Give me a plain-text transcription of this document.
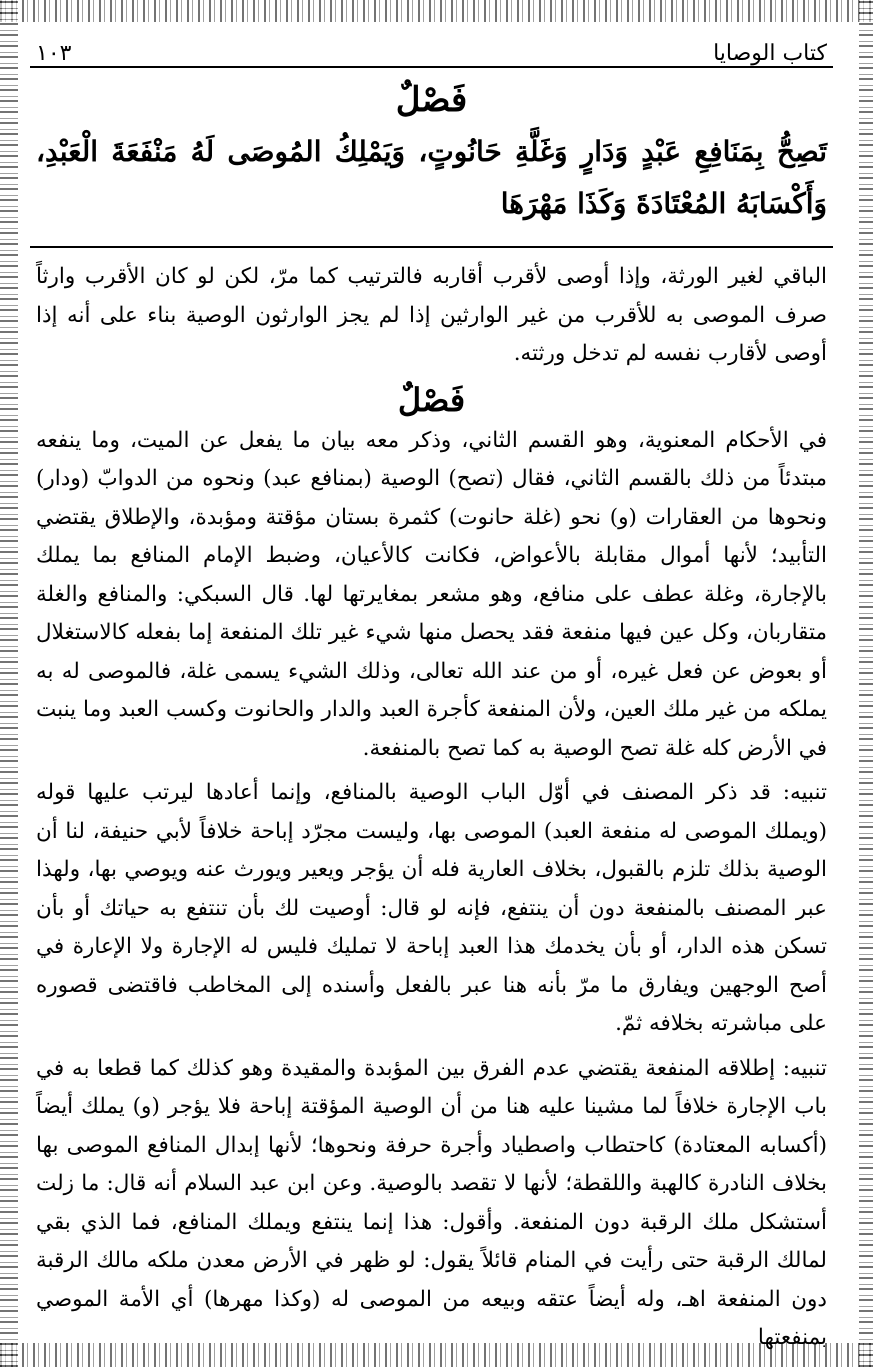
كتاب الوصايا
١٠٣
فَصْلٌ
تَصِحُّ بِمَنَافِعِ عَبْدٍ وَدَارٍ وَغَلَّةِ حَانُوتٍ، وَيَمْلِكُ المُوصَى لَهُ مَنْفَعَةَ الْعَبْدِ، وَأَكْسَابَهُ المُعْتَادَةَ وَكَذَا مَهْرَهَا

الباقي لغير الورثة، وإذا أوصى لأقرب أقاربه فالترتيب كما مرّ، لكن لو كان الأقرب وارثاً صرف الموصى به للأقرب من غير الوارثين إذا لم يجز الوارثون الوصية بناء على أنه إذا أوصى لأقارب نفسه لم تدخل ورثته.

فَصْلٌ

في الأحكام المعنوية، وهو القسم الثاني، وذكر معه بيان ما يفعل عن الميت، وما ينفعه مبتدئاً من ذلك بالقسم الثاني، فقال (تصح) الوصية (بمنافع عبد) ونحوه من الدوابّ (ودار) ونحوها من العقارات (و) نحو (غلة حانوت) كثمرة بستان مؤقتة ومؤبدة، والإطلاق يقتضي التأبيد؛ لأنها أموال مقابلة بالأعواض، فكانت كالأعيان، وضبط الإمام المنافع بما يملك بالإجارة، وغلة عطف على منافع، وهو مشعر بمغايرتها لها. قال السبكي: والمنافع والغلة متقاربان، وكل عين فيها منفعة فقد يحصل منها شيء غير تلك المنفعة إما بفعله كالاستغلال أو بعوض عن فعل غيره، أو من عند الله تعالى، وذلك الشيء يسمى غلة، فالموصى له به يملكه من غير ملك العين، ولأن المنفعة كأجرة العبد والدار والحانوت وكسب العبد وما ينبت في الأرض كله غلة تصح الوصية به كما تصح بالمنفعة.

تنبيه: قد ذكر المصنف في أوّل الباب الوصية بالمنافع، وإنما أعادها ليرتب عليها قوله (ويملك الموصى له منفعة العبد) الموصى بها، وليست مجرّد إباحة خلافاً لأبي حنيفة، لنا أن الوصية بذلك تلزم بالقبول، بخلاف العارية فله أن يؤجر ويعير ويورث عنه ويوصي بها، ولهذا عبر المصنف بالمنفعة دون أن ينتفع، فإنه لو قال: أوصيت لك بأن تنتفع به حياتك أو بأن تسكن هذه الدار، أو بأن يخدمك هذا العبد إباحة لا تمليك فليس له الإجارة ولا الإعارة في أصح الوجهين ويفارق ما مرّ بأنه هنا عبر بالفعل وأسنده إلى المخاطب فاقتضى قصوره على مباشرته بخلافه ثمّ.

تنبيه: إطلاقه المنفعة يقتضي عدم الفرق بين المؤبدة والمقيدة وهو كذلك كما قطعا به في باب الإجارة خلافاً لما مشينا عليه هنا من أن الوصية المؤقتة إباحة فلا يؤجر (و) يملك أيضاً (أكسابه المعتادة) كاحتطاب واصطياد وأجرة حرفة ونحوها؛ لأنها إبدال المنافع الموصى بها بخلاف النادرة كالهبة واللقطة؛ لأنها لا تقصد بالوصية. وعن ابن عبد السلام أنه قال: ما زلت أستشكل ملك الرقبة دون المنفعة. وأقول: هذا إنما ينتفع ويملك المنافع، فما الذي بقي لمالك الرقبة حتى رأيت في المنام قائلاً يقول: لو ظهر في الأرض معدن ملكه مالك الرقبة دون المنفعة اهـ، وله أيضاً عتقه وبيعه من الموصى له (وكذا مهرها) أي الأمة الموصي بمنفعتها
